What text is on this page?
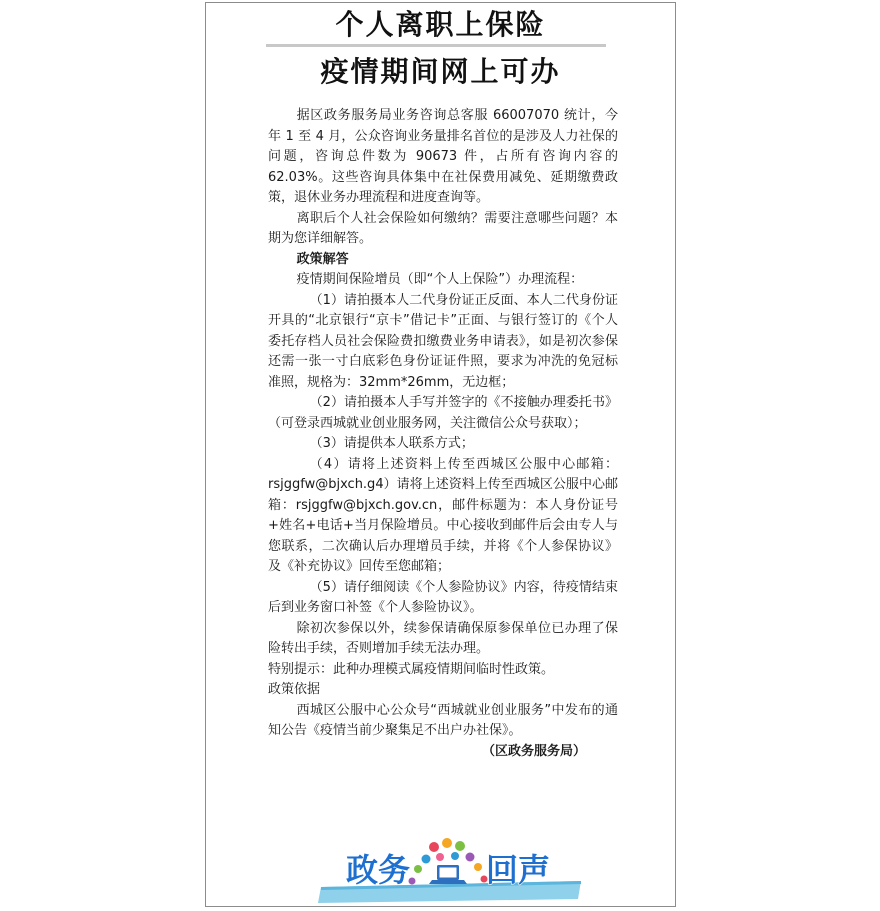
个人离职上保险
疫情期间网上可办

据区政务服务局业务咨询总客服 66007070 统计，今年 1 至 4 月，公众咨询业务量排名首位的是涉及人力社保的问题，咨询总件数为 90673 件，占所有咨询内容的 62.03%。这些咨询具体集中在社保费用减免、延期缴费政策，退休业务办理流程和进度查询等。

离职后个人社会保险如何缴纳？需要注意哪些问题？本期为您详细解答。

政策解答

疫情期间保险增员（即“个人上保险”）办理流程：

（1）请拍摄本人二代身份证正反面、本人二代身份证开具的“北京银行“京卡”借记卡”正面、与银行签订的《个人委托存档人员社会保险费扣缴费业务申请表》，如是初次参保还需一张一寸白底彩色身份证证件照，要求为冲洗的免冠标准照，规格为：32mm*26mm，无边框；

（2）请拍摄本人手写并签字的《不接触办理委托书》（可登录西城就业创业服务网，关注微信公众号获取）；

（3）请提供本人联系方式；

（4）请将上述资料上传至西城区公服中心邮箱：rsjggfw@bjxch.g4）请将上述资料上传至西城区公服中心邮箱：rsjggfw@bjxch.gov.cn，邮件标题为：本人身份证号+姓名+电话+当月保险增员。中心接收到邮件后会由专人与您联系，二次确认后办理增员手续，并将《个人参保协议》及《补充协议》回传至您邮箱；

（5）请仔细阅读《个人参险协议》内容，待疫情结束后到业务窗口补签《个人参险协议》。

除初次参保以外，续参保请确保原参保单位已办理了保险转出手续，否则增加手续无法办理。

特别提示：此种办理模式属疫情期间临时性政策。

政策依据

西城区公服中心公众号“西城就业创业服务”中发布的通知公告《疫情当前少聚集足不出户办社保》。

（区政务服务局）

政务 回声
